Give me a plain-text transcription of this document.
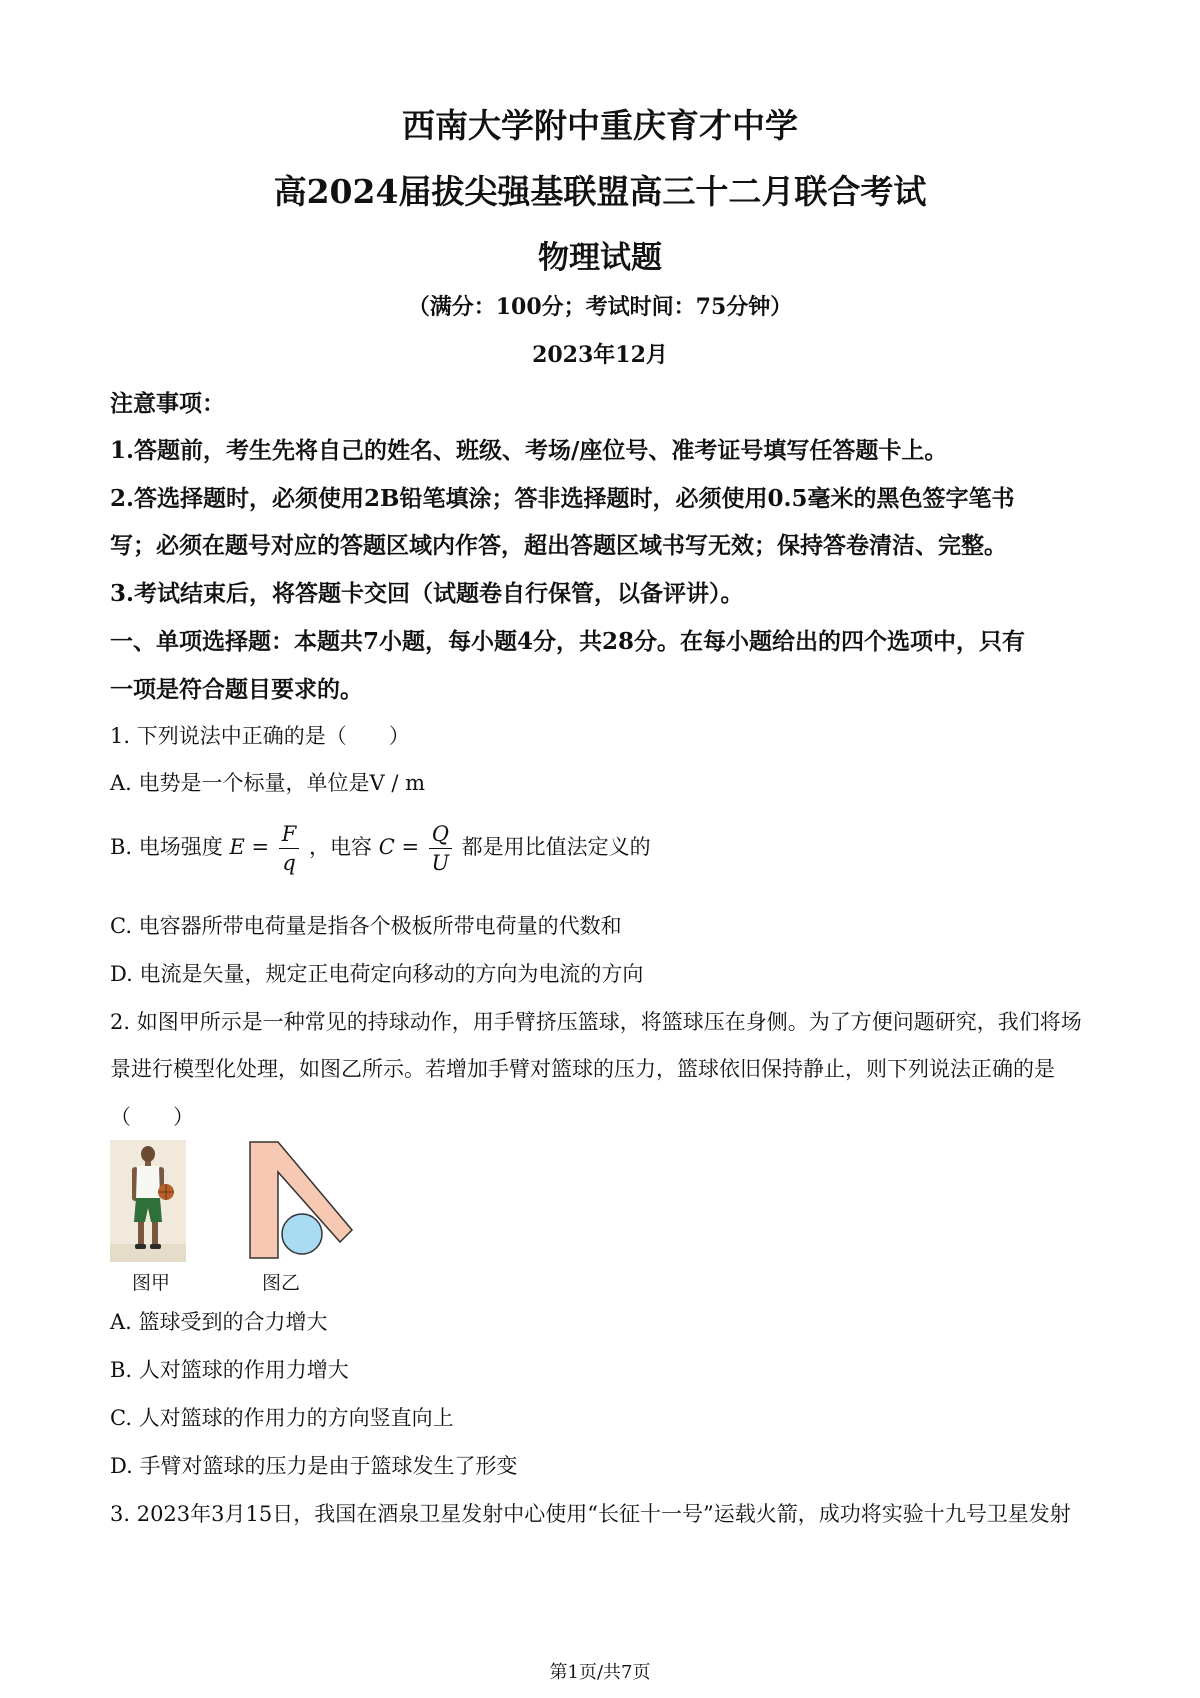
西南大学附中重庆育才中学
高2024届拔尖强基联盟高三十二月联合考试
物理试题
（满分：100分；考试时间：75分钟）
2023年12月
注意事项：
1.答题前，考生先将自己的姓名、班级、考场/座位号、准考证号填写任答题卡上。
2.答选择题时，必须使用2B铅笔填涂；答非选择题时，必须使用0.5毫米的黑色签字笔书
写；必须在题号对应的答题区域内作答，超出答题区域书写无效；保持答卷清洁、完整。
3.考试结束后，将答题卡交回（试题卷自行保管，以备评讲）。
一、单项选择题：本题共7小题，每小题4分，共28分。在每小题给出的四个选项中，只有
一项是符合题目要求的。
1. 下列说法中正确的是（　　）
A. 电势是一个标量，单位是V / m
B. 电场强度 $E = \frac{F}{q}$ ，电容 $C = \frac{Q}{U}$ 都是用比值法定义的
C. 电容器所带电荷量是指各个极板所带电荷量的代数和
D. 电流是矢量，规定正电荷定向移动的方向为电流的方向
2. 如图甲所示是一种常见的持球动作，用手臂挤压篮球，将篮球压在身侧。为了方便问题研究，我们将场
景进行模型化处理，如图乙所示。若增加手臂对篮球的压力，篮球依旧保持静止，则下列说法正确的是
（　　）
图甲	图乙
A. 篮球受到的合力增大
B. 人对篮球的作用力增大
C. 人对篮球的作用力的方向竖直向上
D. 手臂对篮球的压力是由于篮球发生了形变
3. 2023年3月15日，我国在酒泉卫星发射中心使用“长征十一号”运载火箭，成功将实验十九号卫星发射
第1页/共7页
